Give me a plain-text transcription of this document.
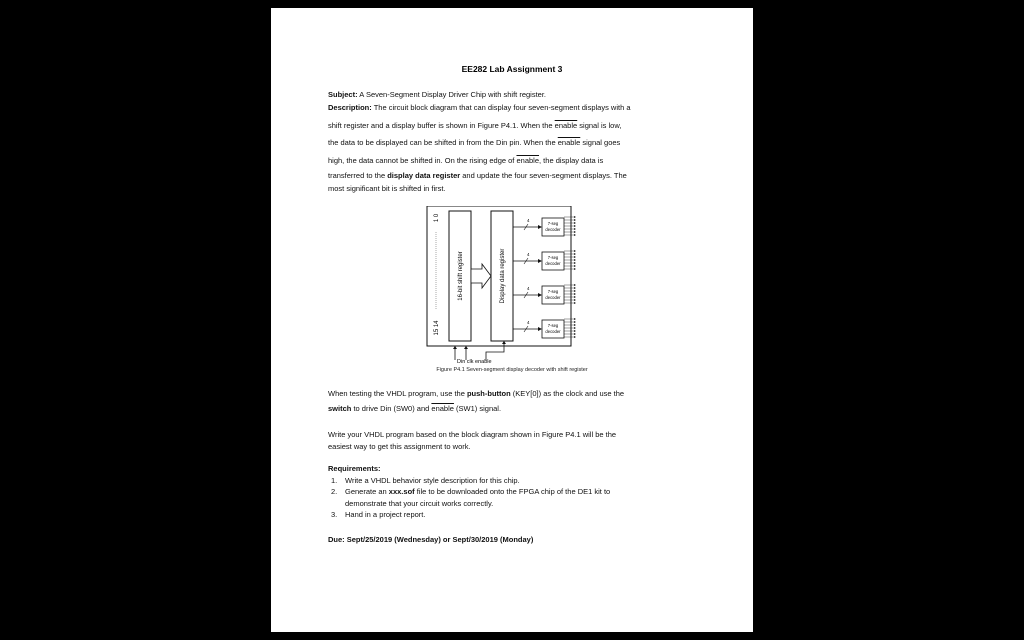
EE282 Lab Assignment 3
Subject: A Seven-Segment Display Driver Chip with shift register.
Description: The circuit block diagram that can display four seven-segment displays with a
shift register and a display buffer is shown in Figure P4.1. When the enable signal is low,
the data to be displayed can be shifted in from the Din pin. When the enable signal goes
high, the data cannot be shifted in. On the rising edge of enable, the display data is
transferred to the display data register and update the four seven-segment displays. The
most significant bit is shifted in first.
16-bit shift register
1 0
15 14
Display data register
4
7-seg
decoder
4
7-seg
decoder
4
7-seg
decoder
4
7-seg
decoder
Din clk enable
Figure P4.1 Seven-segment display decoder with shift register
When testing the VHDL program, use the push-button (KEY[0]) as the clock and use the
switch to drive Din (SW0) and enable (SW1) signal.
Write your VHDL program based on the block diagram shown in Figure P4.1 will be the
easiest way to get this assignment to work.
Requirements:
1. Write a VHDL behavior style description for this chip.
2. Generate an xxx.sof file to be downloaded onto the FPGA chip of the DE1 kit to
demonstrate that your circuit works correctly.
3. Hand in a project report.
Due: Sept/25/2019 (Wednesday) or Sept/30/2019 (Monday)
